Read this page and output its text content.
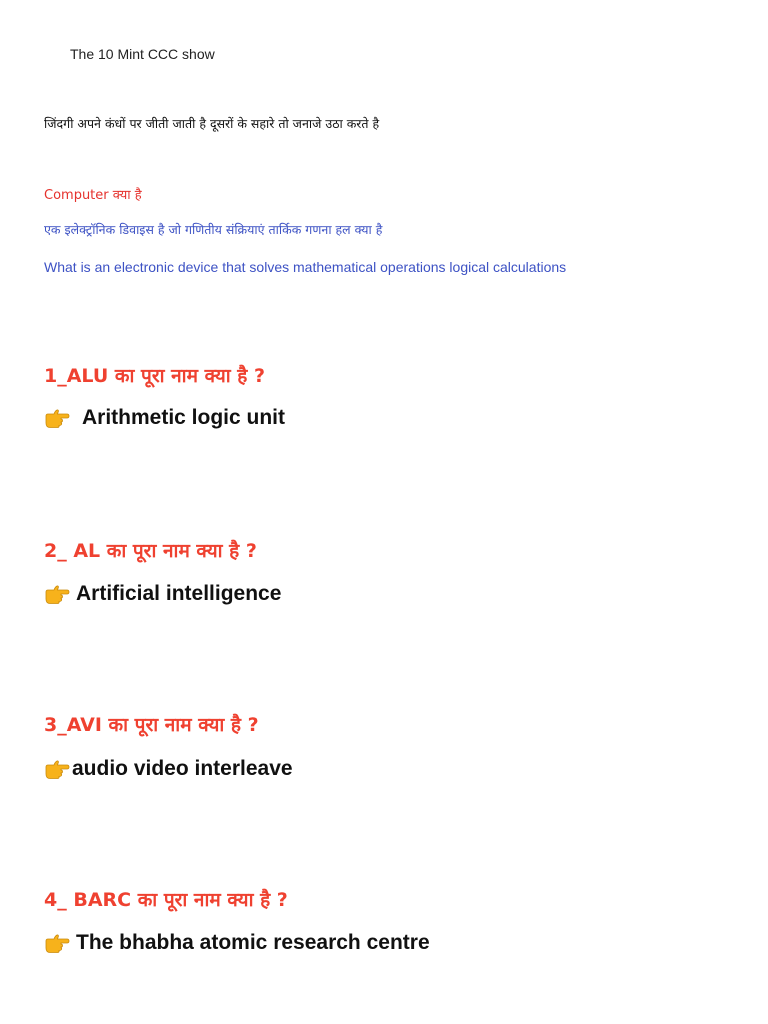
The 10 Mint CCC show
जिंदगी अपने कंधों पर जीती जाती है दूसरों के सहारे तो जनाजे उठा करते है
Computer क्या है
एक इलेक्ट्रॉनिक डिवाइस है जो गणितीय संक्रियाएं तार्किक गणना हल क्या है
What is an electronic device that solves mathematical operations logical calculations
1_ALU का पूरा नाम क्या है ?
Arithmetic logic unit
2_ AL का पूरा नाम क्या है ?
Artificial intelligence
3_AVI का पूरा नाम क्या है ?
audio video interleave
4_ BARC का पूरा नाम क्या है ?
The bhabha atomic research centre
